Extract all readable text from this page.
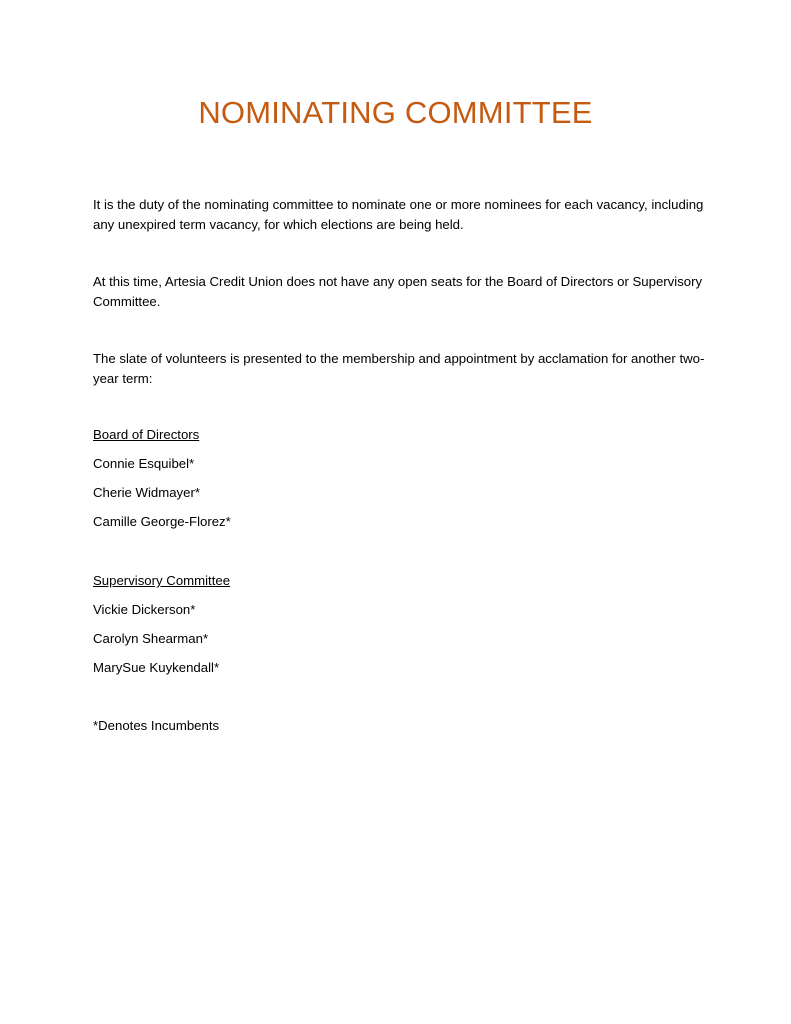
NOMINATING COMMITTEE

It is the duty of the nominating committee to nominate one or more nominees for each vacancy, including any unexpired term vacancy, for which elections are being held.

At this time, Artesia Credit Union does not have any open seats for the Board of Directors or Supervisory Committee.

The slate of volunteers is presented to the membership and appointment by acclamation for another two-year term:

Board of Directors
Connie Esquibel*
Cherie Widmayer*
Camille George-Florez*
Supervisory Committee
Vickie Dickerson*
Carolyn Shearman*
MarySue Kuykendall*
*Denotes Incumbents
